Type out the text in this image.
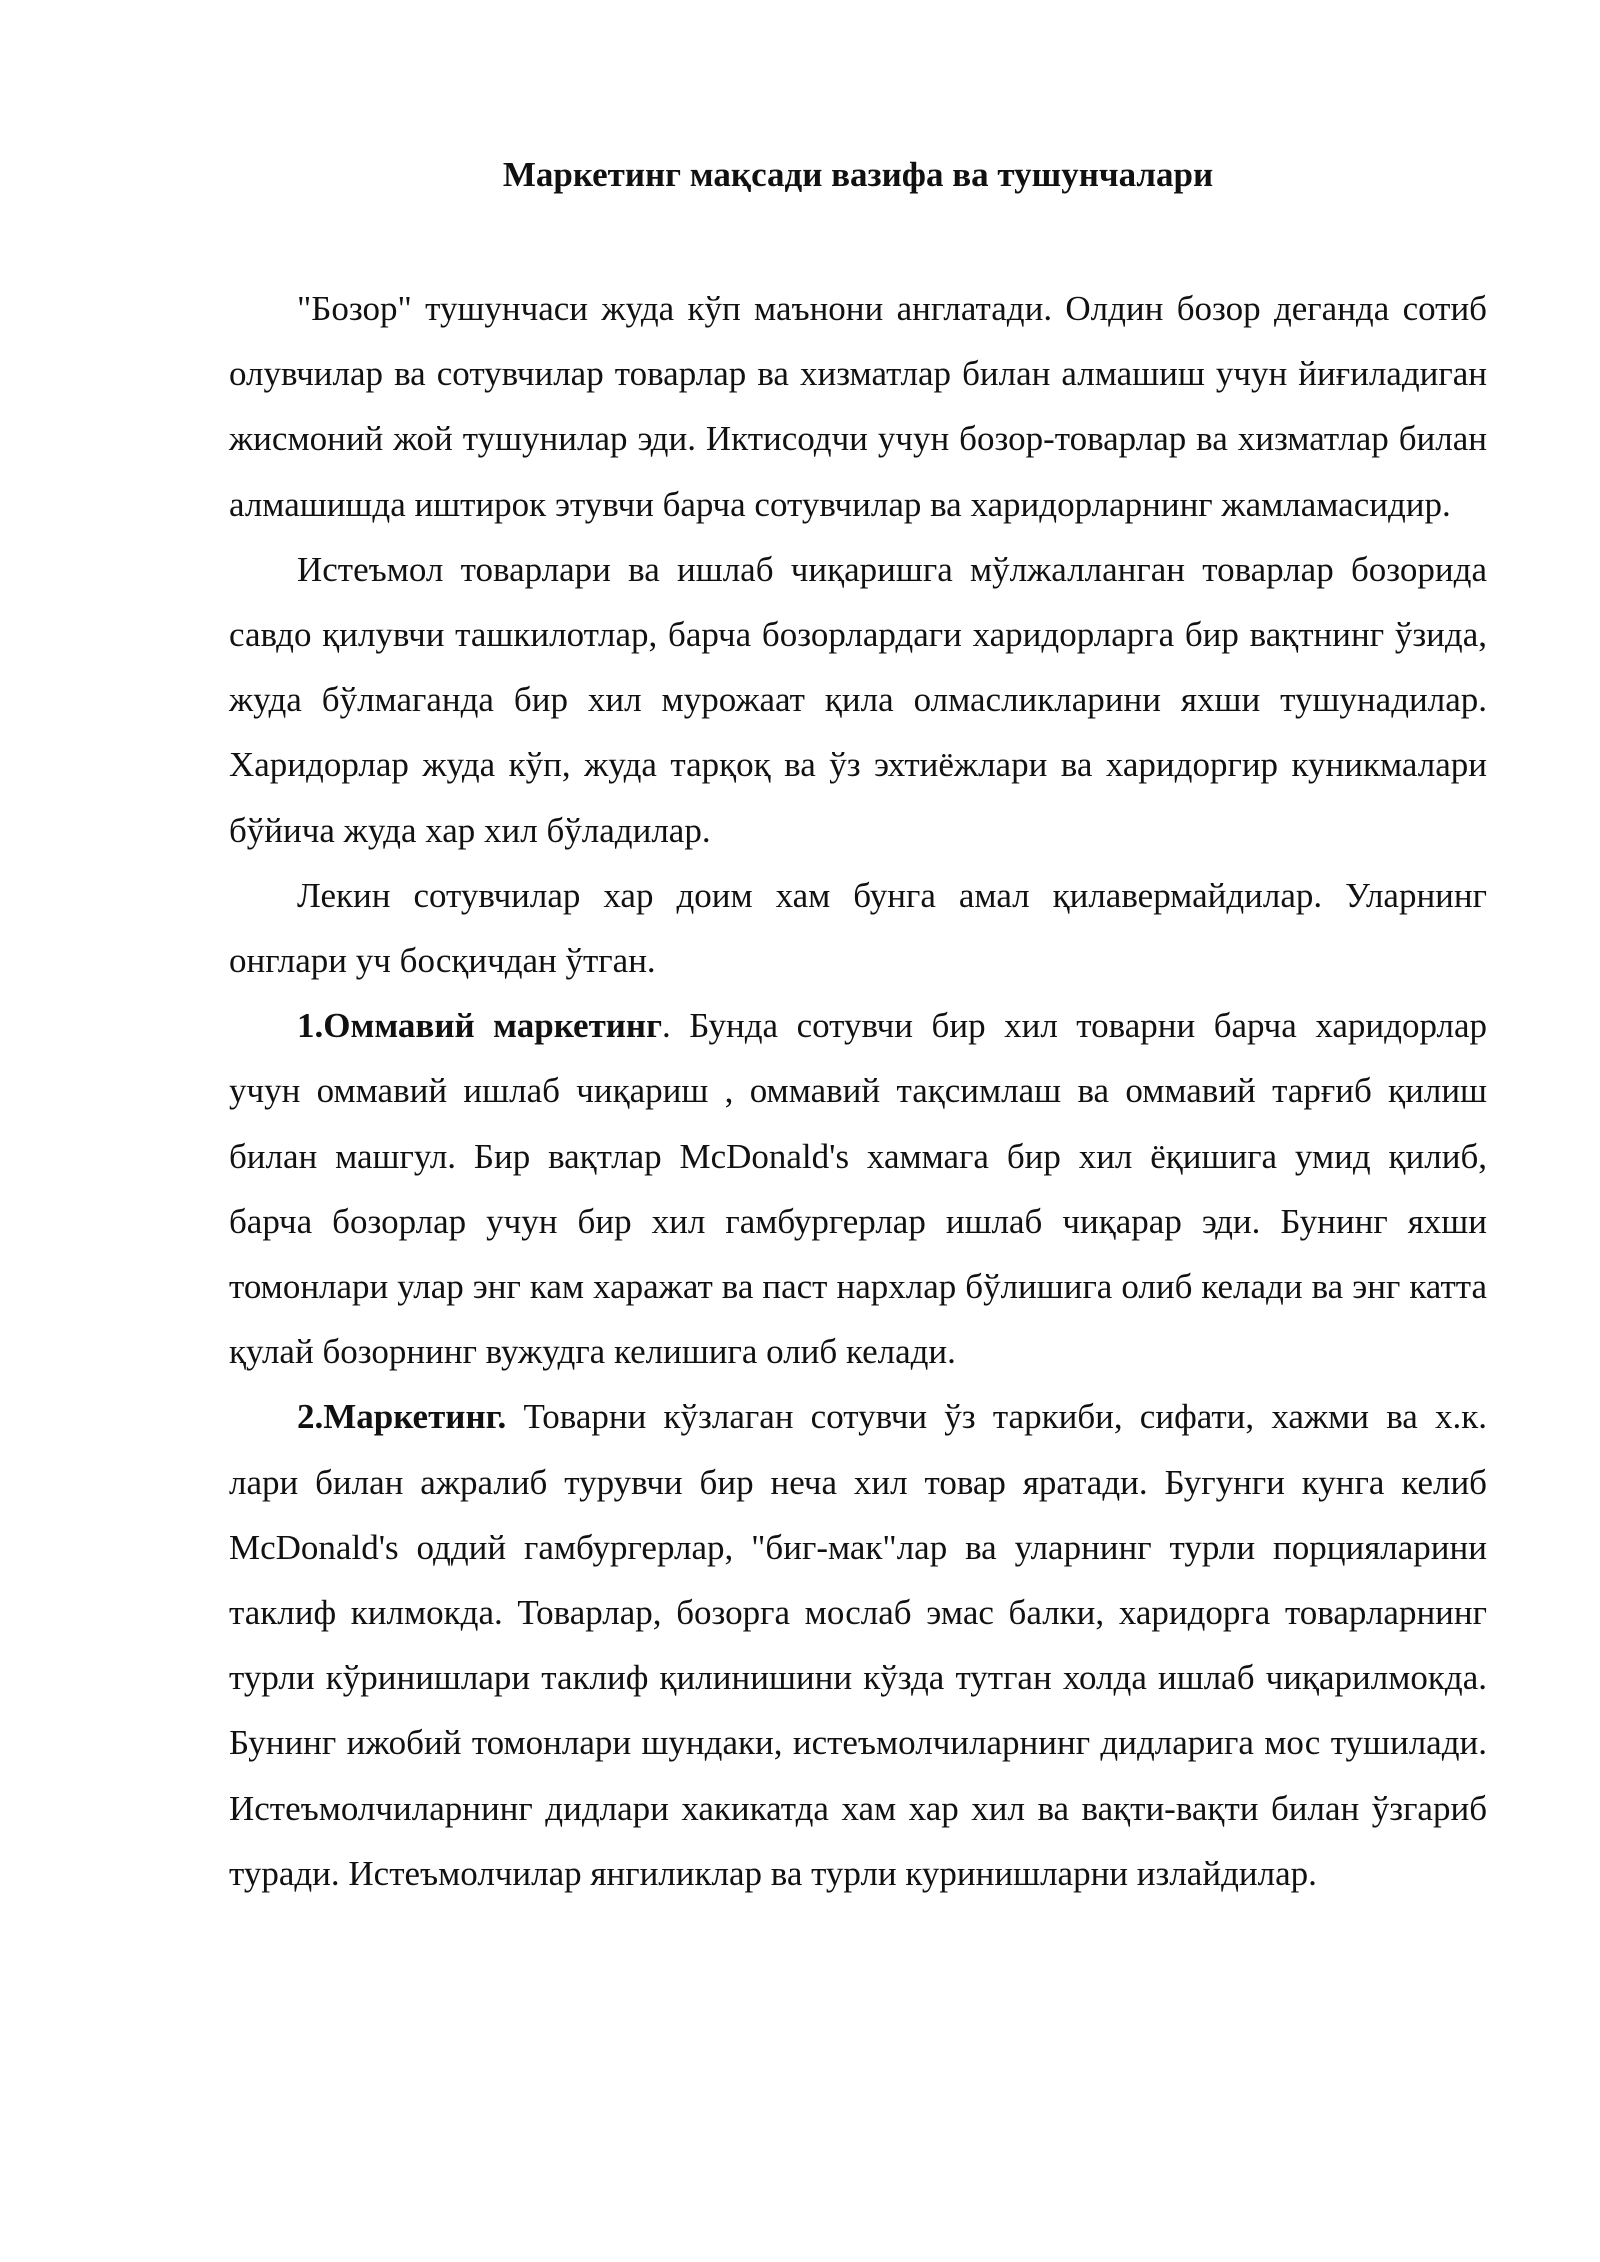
Маркетинг мақсади вазифа ва тушунчалари

"Бозор" тушунчаси жуда кўп маънони англатади. Олдин бозор деганда сотиб олувчилар ва сотувчилар товарлар ва хизматлар билан алмашиш учун йиғиладиган жисмоний жой тушунилар эди. Иктисодчи учун бозор-товарлар ва хизматлар билан алмашишда иштирок этувчи барча сотувчилар ва харидорларнинг жамламасидир.

Истеъмол товарлари ва ишлаб чиқаришга мўлжалланган товарлар бозорида савдо қилувчи ташкилотлар, барча бозорлардаги харидорларга бир вақтнинг ўзида, жуда бўлмаганда бир хил мурожаат қила олмасликларини яхши тушунадилар. Харидорлар жуда кўп, жуда тарқоқ ва ўз эхтиёжлари ва харидоргир куникмалари бўйича жуда хар хил бўладилар.

Лекин сотувчилар хар доим хам бунга амал қилавермайдилар. Уларнинг онглари уч босқичдан ўтган.

1.Оммавий маркетинг. Бунда сотувчи бир хил товарни барча харидорлар учун оммавий ишлаб чиқариш , оммавий тақсимлаш ва оммавий тарғиб қилиш билан машгул. Бир вақтлар McDonald's хаммага бир хил ёқишига умид қилиб, барча бозорлар учун бир хил гамбургерлар ишлаб чиқарар эди. Бунинг яхши томонлари улар энг кам харажат ва паст нархлар бўлишига олиб келади ва энг катта қулай бозорнинг вужудга келишига олиб келади.

2.Маркетинг. Товарни кўзлаган сотувчи ўз таркиби, сифати, хажми ва х.к. лари билан ажралиб турувчи бир неча хил товар яратади. Бугунги кунга келиб McDonald's оддий гамбургерлар, "биг-мак"лар ва уларнинг турли порцияларини таклиф килмокда. Товарлар, бозорга мослаб эмас балки, харидорга товарларнинг турли кўринишлари таклиф қилинишини кўзда тутган холда ишлаб чиқарилмокда. Бунинг ижобий томонлари шундаки, истеъмолчиларнинг дидларига мос тушилади. Истеъмолчиларнинг дидлари хакикатда хам хар хил ва вақти-вақти билан ўзгариб туради. Истеъмолчилар янгиликлар ва турли куринишларни излайдилар.
